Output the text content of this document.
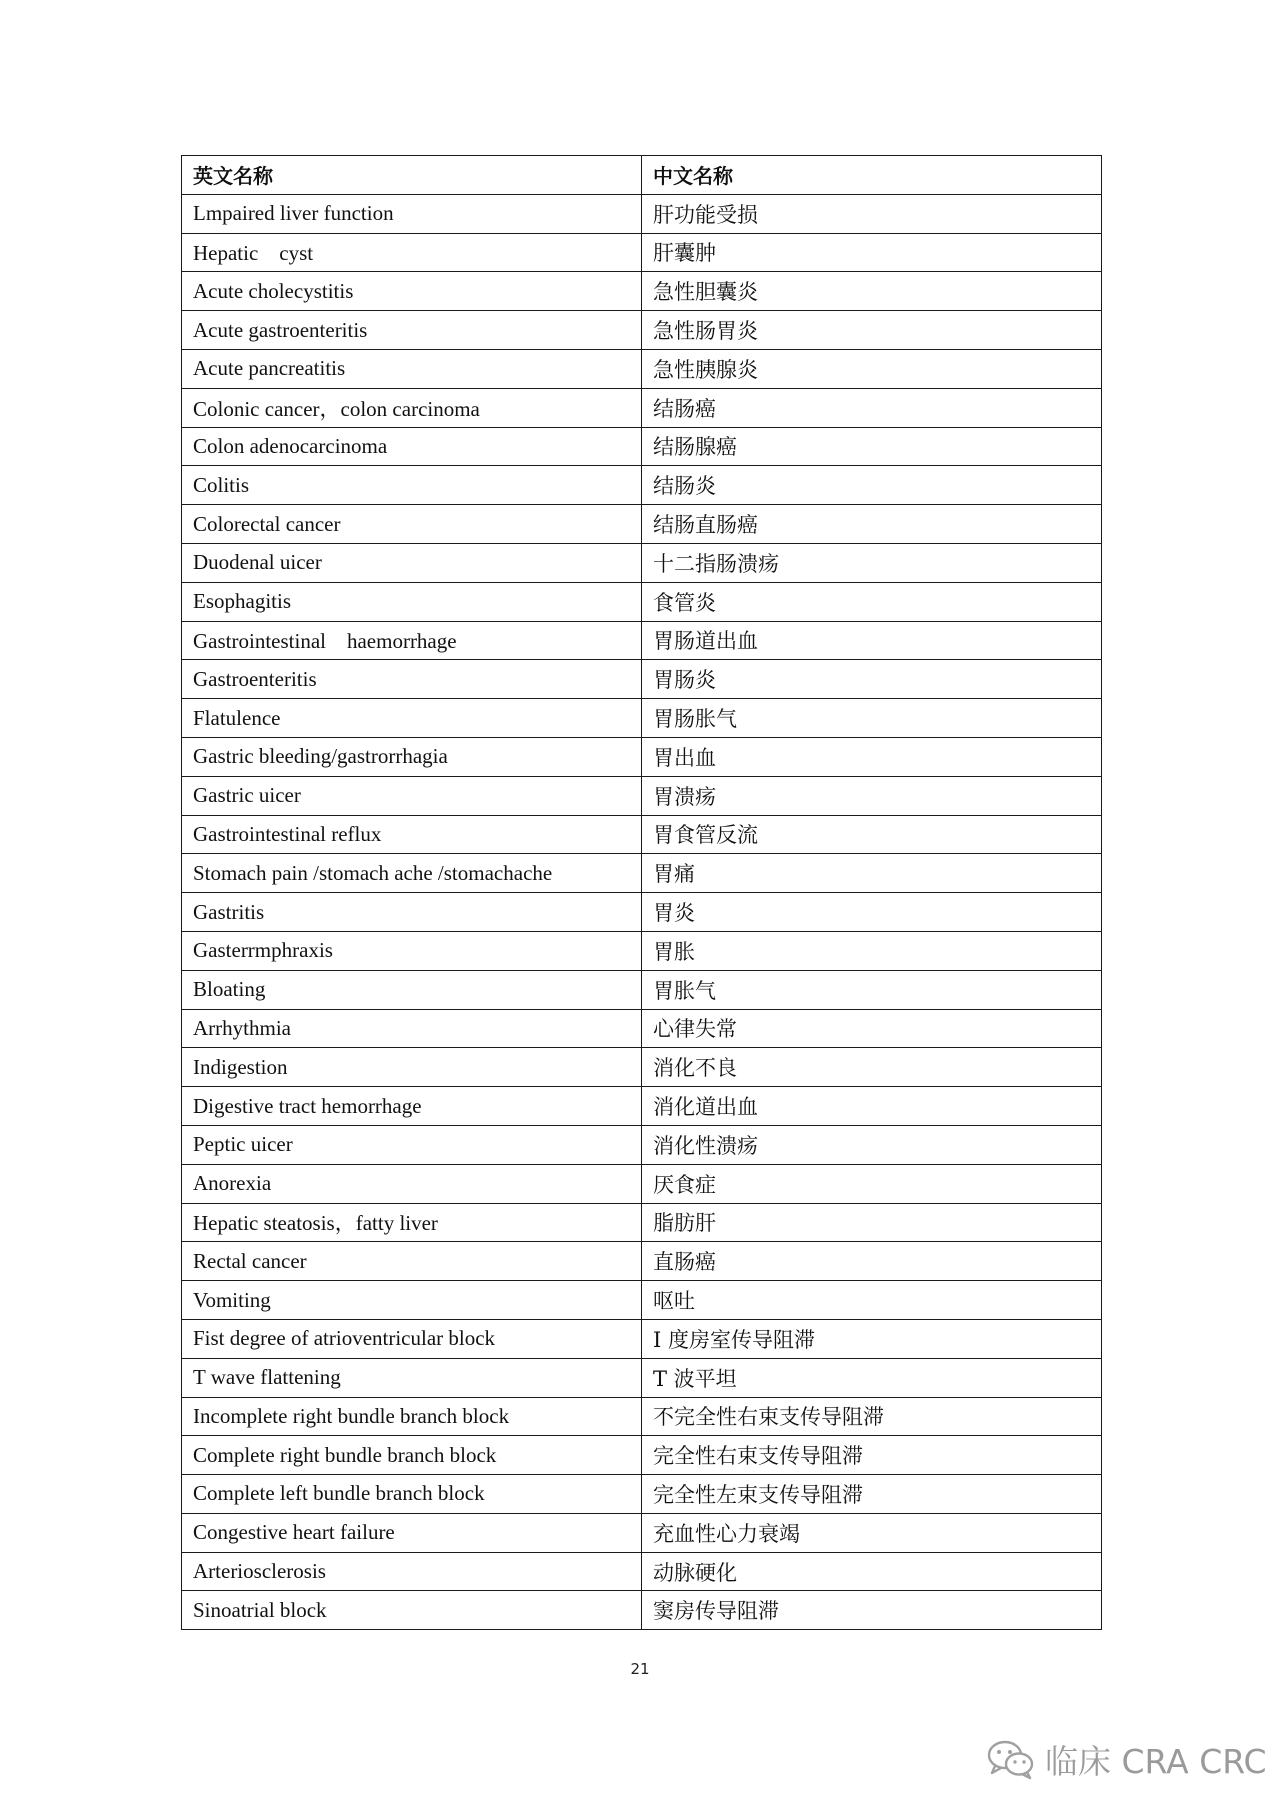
英文名称	中文名称
Lmpaired liver function	肝功能受损
Hepatic　cyst	肝囊肿
Acute cholecystitis	急性胆囊炎
Acute gastroenteritis	急性肠胃炎
Acute pancreatitis	急性胰腺炎
Colonic cancer，colon carcinoma	结肠癌
Colon adenocarcinoma	结肠腺癌
Colitis	结肠炎
Colorectal cancer	结肠直肠癌
Duodenal uicer	十二指肠溃疡
Esophagitis	食管炎
Gastrointestinal　haemorrhage	胃肠道出血
Gastroenteritis	胃肠炎
Flatulence	胃肠胀气
Gastric bleeding/gastrorrhagia	胃出血
Gastric uicer	胃溃疡
Gastrointestinal reflux	胃食管反流
Stomach pain /stomach ache /stomachache	胃痛
Gastritis	胃炎
Gasterrmphraxis	胃胀
Bloating	胃胀气
Arrhythmia	心律失常
Indigestion	消化不良
Digestive tract hemorrhage	消化道出血
Peptic uicer	消化性溃疡
Anorexia	厌食症
Hepatic steatosis，fatty liver	脂肪肝
Rectal cancer	直肠癌
Vomiting	呕吐
Fist degree of atrioventricular block	I 度房室传导阻滞
T wave flattening	T 波平坦
Incomplete right bundle branch block	不完全性右束支传导阻滞
Complete right bundle branch block	完全性右束支传导阻滞
Complete left bundle branch block	完全性左束支传导阻滞
Congestive heart failure	充血性心力衰竭
Arteriosclerosis	动脉硬化
Sinoatrial block	窦房传导阻滞
21
临床 CRA CRC
